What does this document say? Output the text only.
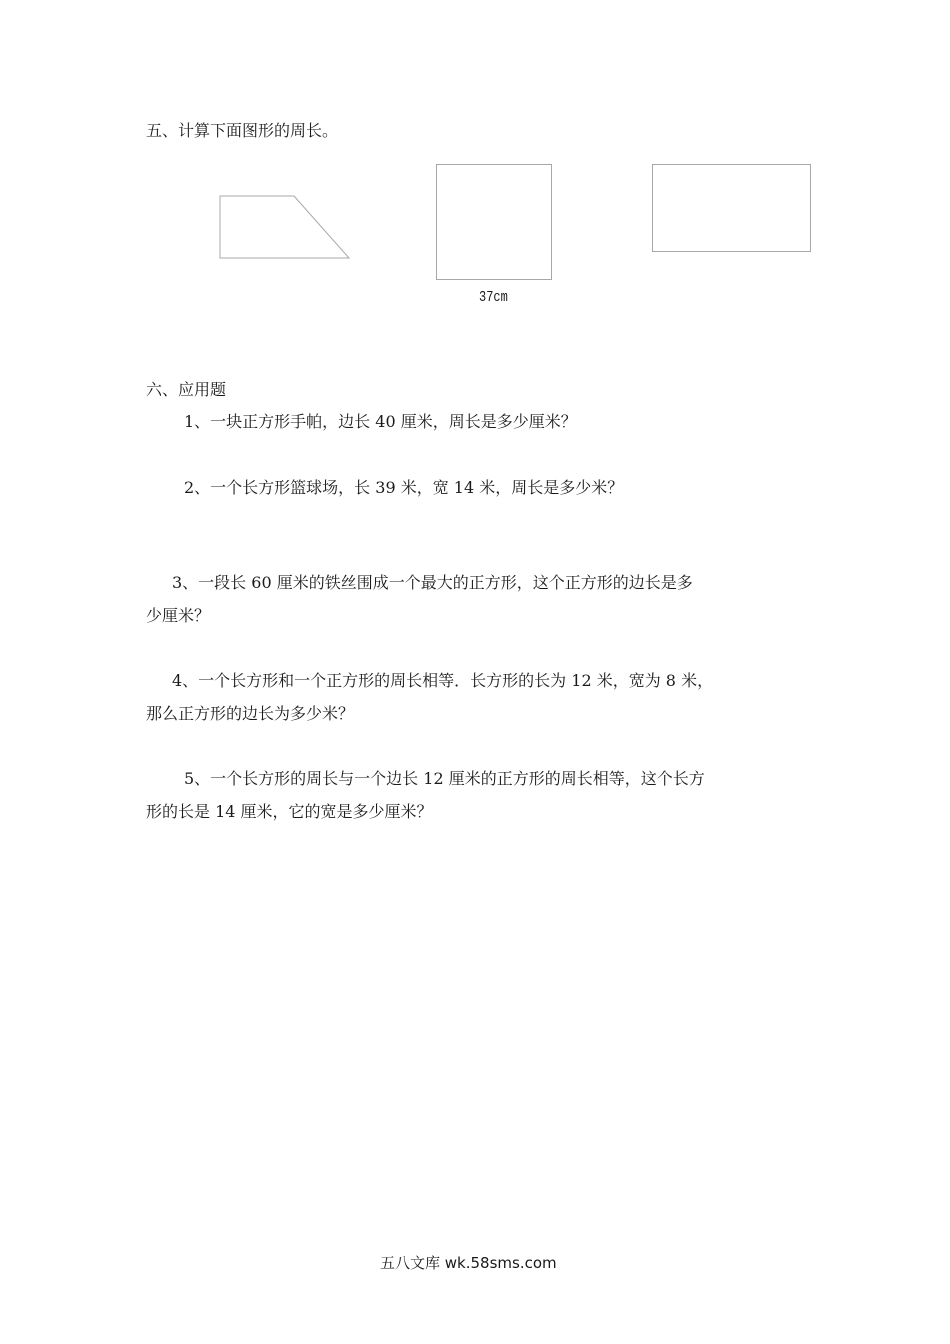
五、计算下面图形的周长。
37cm
六、应用题
1、一块正方形手帕，边长 40 厘米，周长是多少厘米？
2、一个长方形篮球场，长 39 米，宽 14 米，周长是多少米？
3、一段长 60 厘米的铁丝围成一个最大的正方形，这个正方形的边长是多
少厘米？
4、一个长方形和一个正方形的周长相等．长方形的长为 12 米，宽为 8 米，
那么正方形的边长为多少米？
5、一个长方形的周长与一个边长 12 厘米的正方形的周长相等，这个长方
形的长是 14 厘米，它的宽是多少厘米？
五八文库 wk.58sms.com
